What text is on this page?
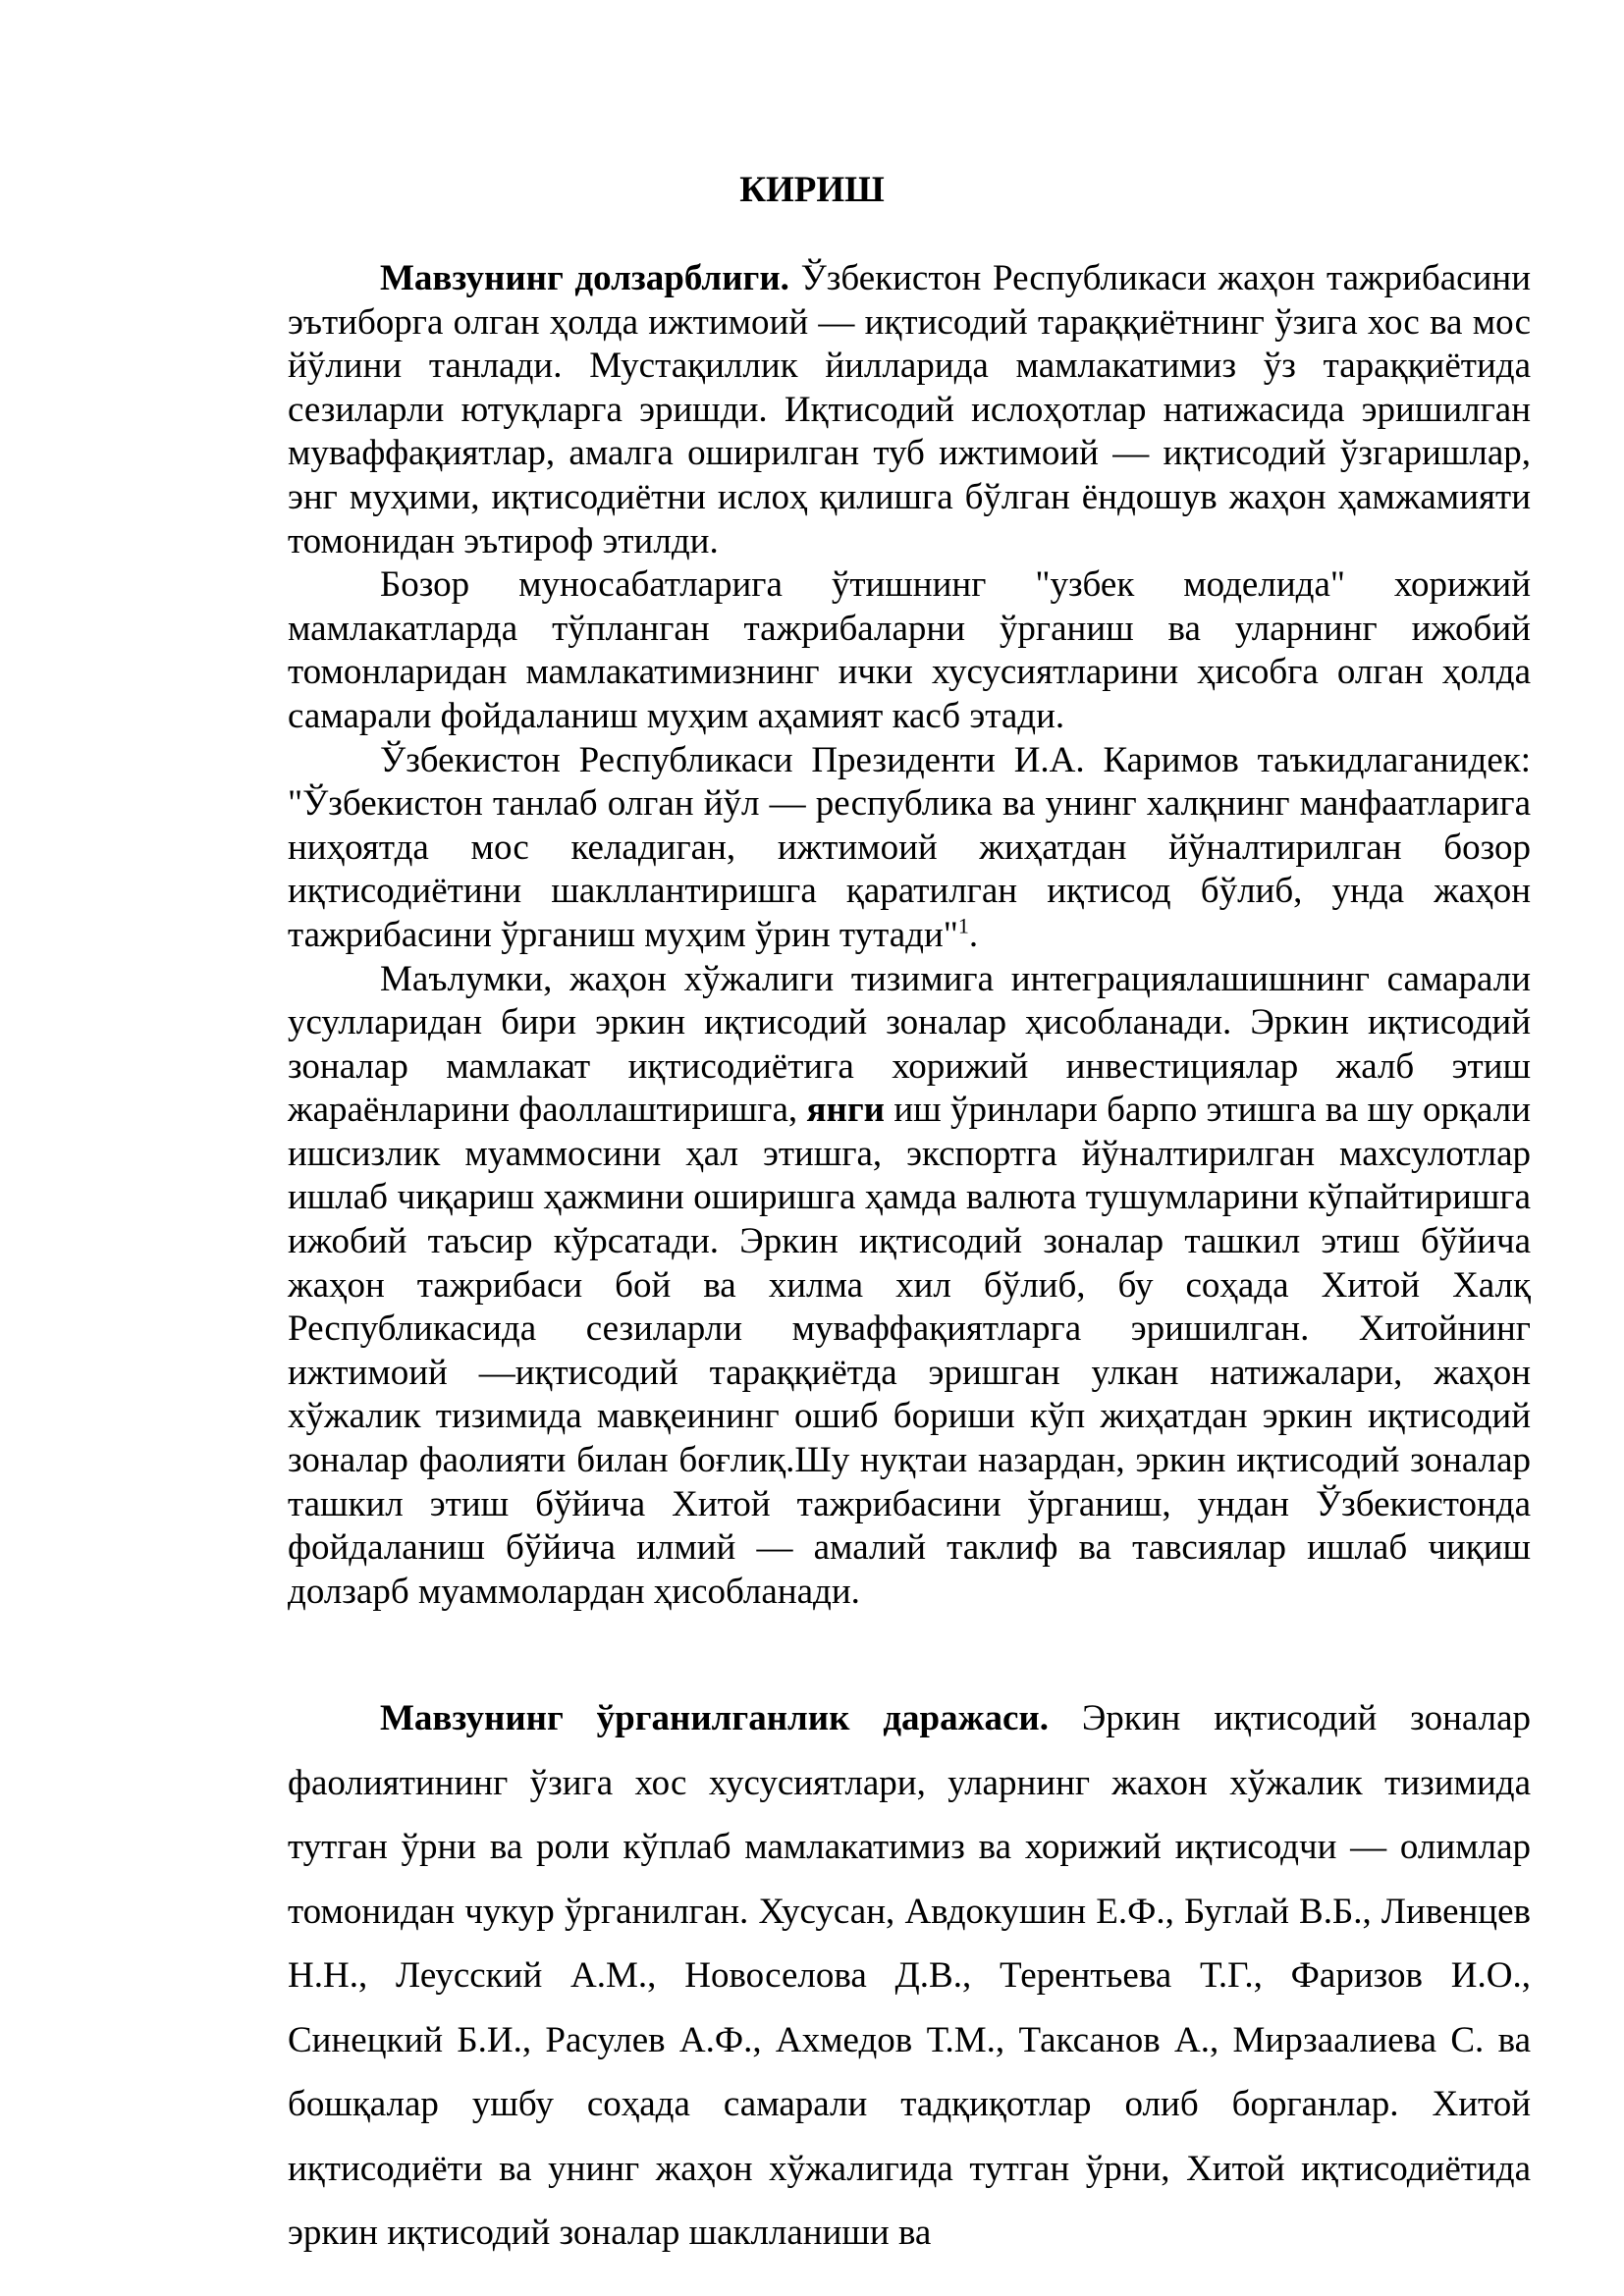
КИРИШ

Мавзунинг долзарблиги. Ўзбекистон Республикаси жаҳон тажрибасини эътиборга олган ҳолда ижтимоий — иқтисодий тараққиётнинг ўзига хос ва мос йўлини танлади. Мустақиллик йилларида мамлакатимиз ўз тараққиётида сезиларли ютуқларга эришди. Иқтисодий ислоҳотлар натижасида эришилган муваффақиятлар, амалга оширилган туб ижтимоий — иқтисодий ўзгаришлар, энг муҳими, иқтисодиётни ислоҳ қилишга бўлган ёндошув жаҳон ҳамжамияти томонидан эътироф этилди.

Бозор муносабатларига ўтишнинг "узбек моделида" хорижий мамлакатларда тўпланган тажрибаларни ўрганиш ва уларнинг ижобий томонларидан мамлакатимизнинг ички хусусиятларини ҳисобга олган ҳолда самарали фойдаланиш муҳим аҳамият касб этади.

Ўзбекистон Республикаси Президенти И.А. Каримов таъкидлаганидек: "Ўзбекистон танлаб олган йўл — республика ва унинг халқнинг манфаатларига ниҳоятда мос келадиган, ижтимоий жиҳатдан йўналтирилган бозор иқтисодиётини шакллантиришга қаратилган иқтисод бўлиб, унда жаҳон тажрибасини ўрганиш муҳим ўрин тутади"$^1$.

Маълумки, жаҳон хўжалиги тизимига интеграциялашишнинг самарали усулларидан бири эркин иқтисодий зоналар ҳисобланади. Эркин иқтисодий зоналар мамлакат иқтисодиётига хорижий инвестициялар жалб этиш жараёнларини фаоллаштиришга, янги иш ўринлари барпо этишга ва шу орқали ишсизлик муаммосини ҳал этишга, экспортга йўналтирилган махсулотлар ишлаб чиқариш ҳажмини оширишга ҳамда валюта тушумларини кўпайтиришга ижобий таъсир кўрсатади. Эркин иқтисодий зоналар ташкил этиш бўйича жаҳон тажрибаси бой ва хилма хил бўлиб, бу соҳада Хитой Халқ Республикасида сезиларли муваффақиятларга эришилган. Хитойнинг ижтимоий —иқтисодий тараққиётда эришган улкан натижалари, жаҳон хўжалик тизимида мавқеининг ошиб бориши кўп жиҳатдан эркин иқтисодий зоналар фаолияти билан боғлиқ.Шу нуқтаи назардан, эркин иқтисодий зоналар ташкил этиш бўйича Хитой тажрибасини ўрганиш, ундан Ўзбекистонда фойдаланиш бўйича илмий — амалий таклиф ва тавсиялар ишлаб чиқиш долзарб муаммолардан ҳисобланади.

Мавзунинг ўрганилганлик даражаси. Эркин иқтисодий зоналар фаолиятининг ўзига хос хусусиятлари, уларнинг жахон хўжалик тизимида тутган ўрни ва роли кўплаб мамлакатимиз ва хорижий иқтисодчи — олимлар томонидан чукур ўрганилган. Хусусан, Авдокушин Е.Ф., Буглай В.Б., Ливенцев Н.Н., Леусский А.М., Новоселова Д.В., Терентьева Т.Г., Фаризов И.О., Синецкий Б.И., Расулев А.Ф., Ахмедов Т.М., Таксанов А., Мирзаалиева С. ва бошқалар ушбу соҳада самарали тадқиқотлар олиб борганлар. Хитой иқтисодиёти ва унинг жаҳон хўжалигида тутган ўрни, Хитой иқтисодиётида эркин иқтисодий зоналар шаклланиши ва
